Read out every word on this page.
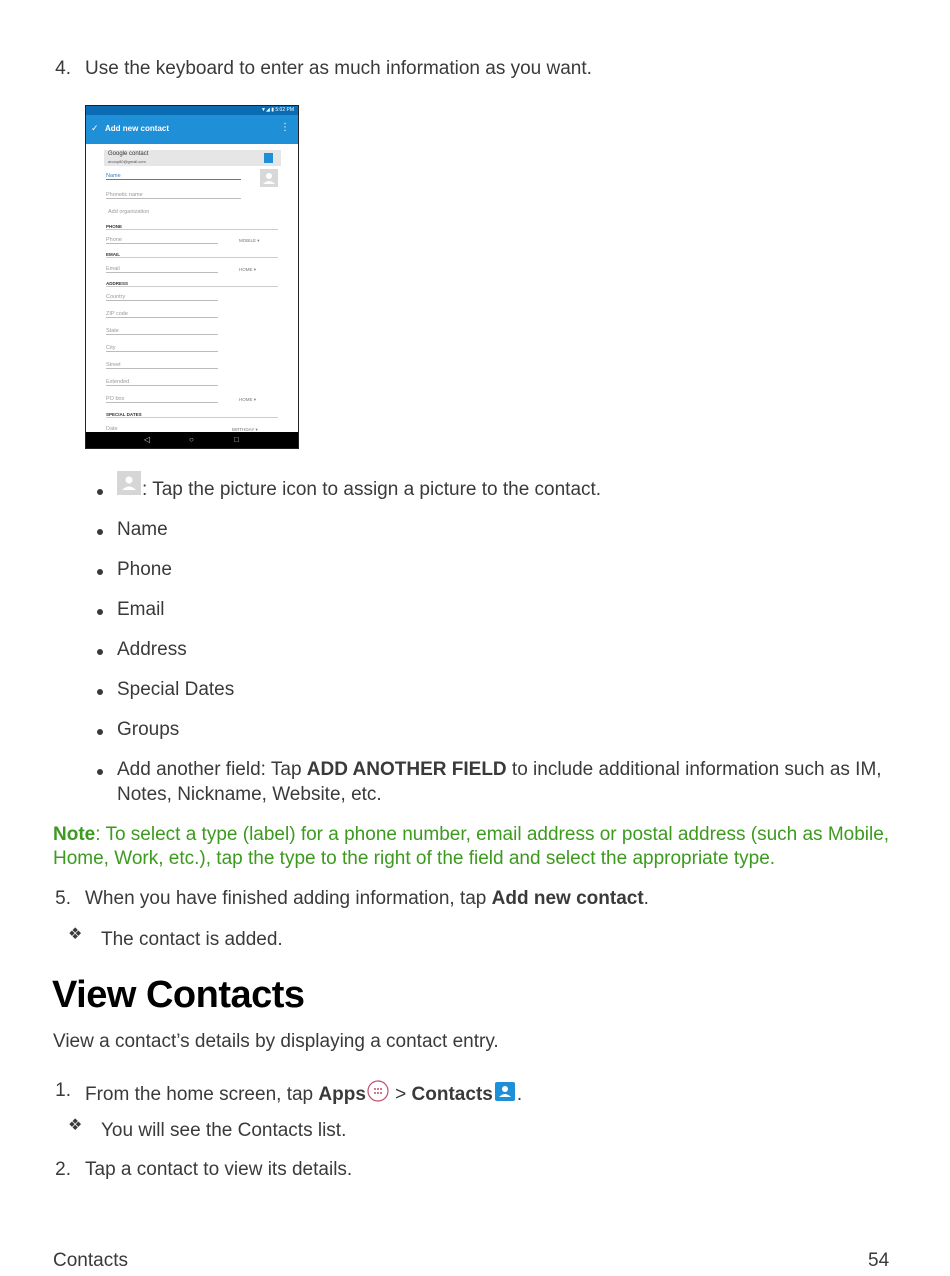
4. Use the keyboard to enter as much information as you want.
▼◢ ▮ 5:02 PM
✓ Add new contact	⋮
Google contact
anoop80@gmail.com
Name
Phonetic name
Add organization
PHONE
Phone	MOBILE ▾
EMAIL
Email	HOME ▾
ADDRESS
Country
ZIP code
State
City
Street
Extended
PO box	HOME ▾
SPECIAL DATES
Date	BIRTHDAY ▾
◁	○	□
: Tap the picture icon to assign a picture to the contact.
Name
Phone
Email
Address
Special Dates
Groups
Add another field: Tap ADD ANOTHER FIELD to include additional information such as IM,
Notes, Nickname, Website, etc.
Note: To select a type (label) for a phone number, email address or postal address (such as Mobile,
Home, Work, etc.), tap the type to the right of the field and select the appropriate type.
5. When you have finished adding information, tap Add new contact.
❖ The contact is added.
View Contacts
View a contact’s details by displaying a contact entry.
1. From the home screen, tap Apps > Contacts .
❖ You will see the Contacts list.
2. Tap a contact to view its details.
Contacts	54
